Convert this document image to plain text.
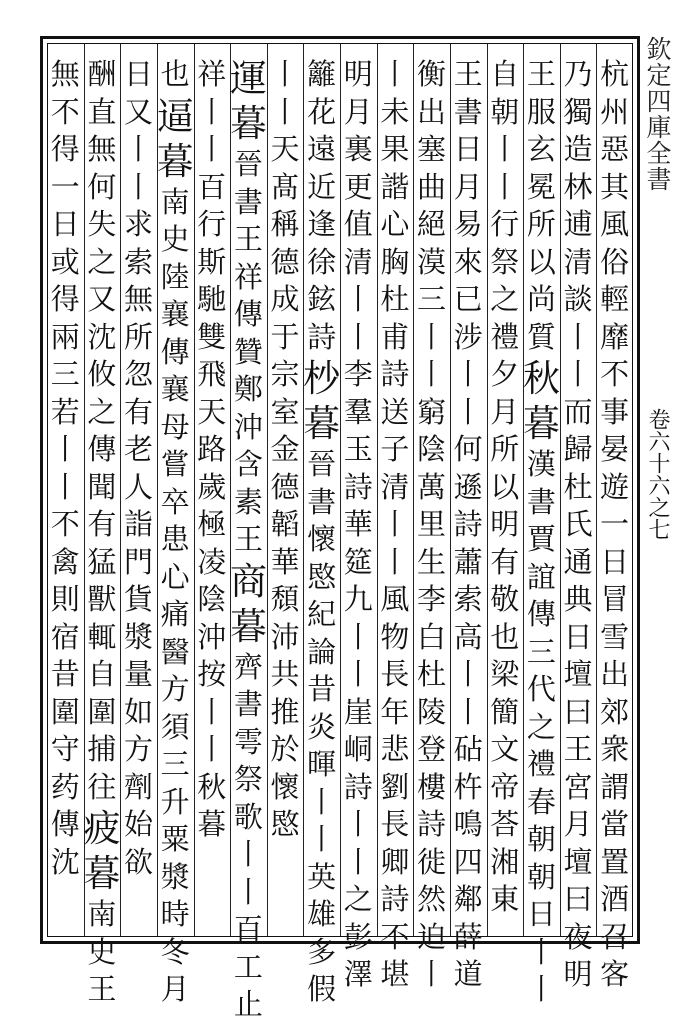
欽定四庫全書
卷六十六之七
杭
州
惡
其
風
俗
輕
靡
不
事
晏
遊
一
日
冒
雪
出
郊
衆
謂
當
置
酒
召
客
乃
獨
造
林
逋
清
談
丨
丨
而
歸
杜
氏
通
典
日
壇
曰
王
宮
月
壇
曰
夜
明
王
服
玄
冕
所
以
尚
質
秋
暮
漢
書
賈
誼
傳
三
代
之
禮
春
朝
朝
日
丨
丨
自
朝
丨
丨
行
祭
之
禮
夕
月
所
以
明
有
敬
也
梁
簡
文
帝
荅
湘
東
王
書
日
月
易
來
已
涉
丨
丨
何
遜
詩
蕭
索
高
丨
丨
砧
杵
鳴
四
鄰
薛
道
衡
出
塞
曲
絕
漠
三
丨
丨
窮
陰
萬
里
生
李
白
杜
陵
登
樓
詩
徙
然
迫
丨
丨
未
果
諧
心
胸
杜
甫
詩
送
子
清
丨
丨
風
物
長
年
悲
劉
長
卿
詩
不
堪
明
月
裏
更
值
清
丨
丨
李
羣
玉
詩
華
筵
九
丨
丨
崖
峒
詩
丨
丨
之
彭
澤
籬
花
遠
近
逢
徐
鉉
詩
杪
暮
晉
書
懷
愍
紀
論
昔
炎
暉
丨
丨
英
雄
多
假
丨
丨
天
髙
稱
德
成
于
宗
室
金
德
韜
華
頹
沛
共
推
於
懷
愍
運
暮
晉
書
王
祥
傳
贊
鄭
沖
含
素
王
商
暮
齊
書
雩
祭
歌
丨
丨
百
工
止
祥
丨
丨
百
行
斯
馳
雙
飛
天
路
歲
極
凌
陰
沖
按
丨
丨
秋
暮
也
逼
暮
南
史
陸
襄
傳
襄
母
嘗
卒
患
心
痛
醫
方
須
三
升
粟
漿
時
冬
月
日
又
丨
丨
求
索
無
所
忽
有
老
人
詣
門
貨
漿
量
如
方
劑
始
欲
酬
直
無
何
失
之
又
沈
攸
之
傳
聞
有
猛
獸
輒
自
圍
捕
往
疲
暮
南
史
王
無
不
得
一
日
或
得
兩
三
若
丨
丨
不
禽
則
宿
昔
圍
守
药
傳
沈
